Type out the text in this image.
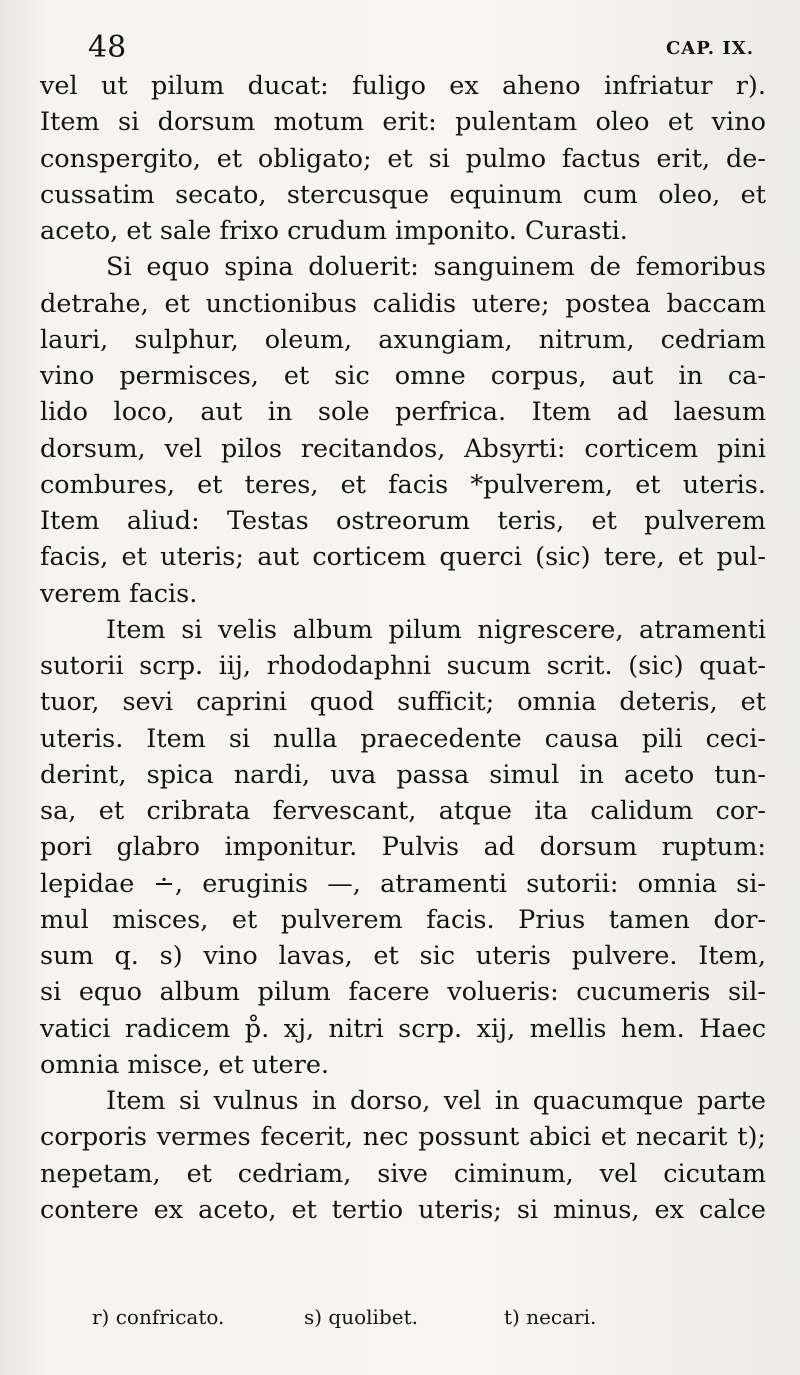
48	CAP. IX.
vel ut pilum ducat: fuligo ex aheno infriatur r).
Item si dorsum motum erit: pulentam oleo et vino
conspergito, et obligato; et si pulmo factus erit, de-
cussatim secato, stercusque equinum cum oleo, et
aceto, et sale frixo crudum imponito. Curasti.
Si equo spina doluerit: sanguinem de femoribus
detrahe, et unctionibus calidis utere; postea baccam
lauri, sulphur, oleum, axungiam, nitrum, cedriam
vino permisces, et sic omne corpus, aut in ca-
lido loco, aut in sole perfrica. Item ad laesum
dorsum, vel pilos recitandos, Absyrti: corticem pini
combures, et teres, et facis *pulverem, et uteris.
Item aliud: Testas ostreorum teris, et pulverem
facis, et uteris; aut corticem querci (sic) tere, et pul-
verem facis.
Item si velis album pilum nigrescere, atramenti
sutorii scrp. iij, rhododaphni sucum scrit. (sic) quat-
tuor, sevi caprini quod sufficit; omnia deteris, et
uteris. Item si nulla praecedente causa pili ceci-
derint, spica nardi, uva passa simul in aceto tun-
sa, et cribrata fervescant, atque ita calidum cor-
pori glabro imponitur. Pulvis ad dorsum ruptum:
lepidae ∸, eruginis —, atramenti sutorii: omnia si-
mul misces, et pulverem facis. Prius tamen dor-
sum q. s) vino lavas, et sic uteris pulvere. Item,
si equo album pilum facere volueris: cucumeris sil-
vatici radicem p̊. xj, nitri scrp. xij, mellis hem. Haec
omnia misce, et utere.
Item si vulnus in dorso, vel in quacumque parte
corporis vermes fecerit, nec possunt abici et necarit t);
nepetam, et cedriam, sive ciminum, vel cicutam
contere ex aceto, et tertio uteris; si minus, ex calce
r) confricato.	s) quolibet.	t) necari.
